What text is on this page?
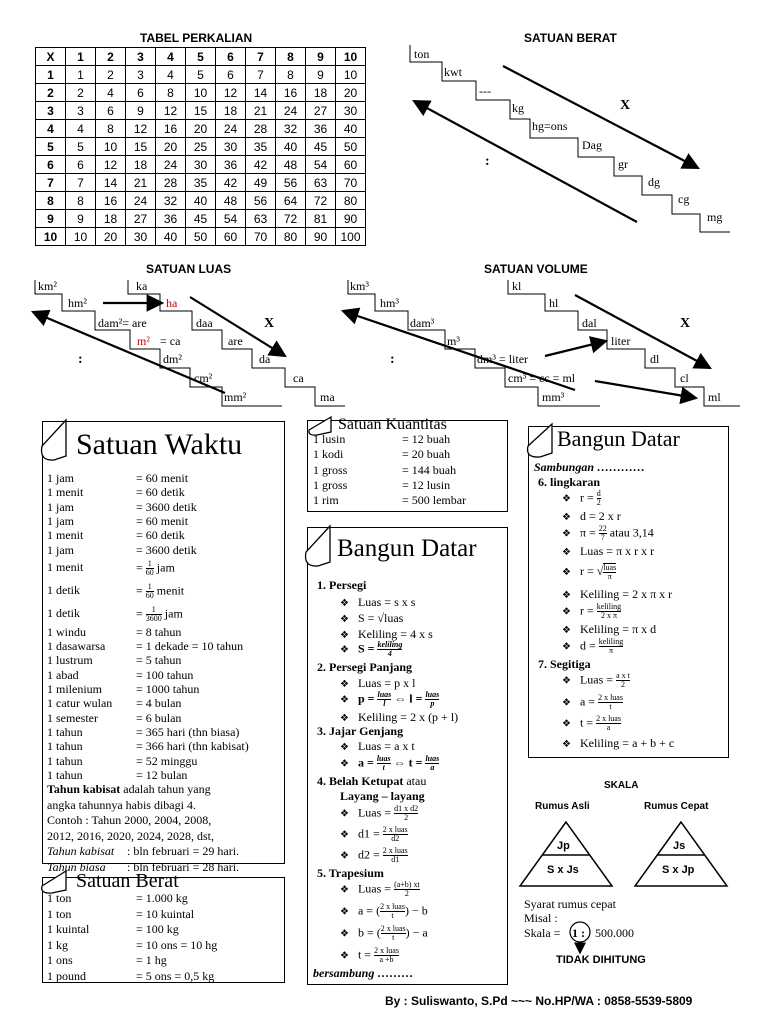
TABEL PERKALIAN
X	1	2	3	4	5	6	7	8	9	10
1	1	2	3	4	5	6	7	8	9	10
2	2	4	6	8	10	12	14	16	18	20
3	3	6	9	12	15	18	21	24	27	30
4	4	8	12	16	20	24	28	32	36	40
5	5	10	15	20	25	30	35	40	45	50
6	6	12	18	24	30	36	42	48	54	60
7	7	14	21	28	35	42	49	56	63	70
8	8	16	24	32	40	48	56	64	72	80
9	9	18	27	36	45	54	63	72	81	90
10	10	20	30	40	50	60	70	80	90	100
SATUAN BERAT
ton
kwt
---
kg
hg=ons
Dag
gr
dg
cg
mg
X
:
SATUAN LUAS
km²
hm²
dam²= are
m²
dm²
cm²
mm²
ka
ha
daa
are
da
ca
ma
= ca
X
:
SATUAN VOLUME
km³
hm³
dam³
m³
dm³ = liter
cm³ = cc = ml
mm³
kl
hl
dal
liter
dl
cl
ml
X
:
Satuan Waktu
1 jam	= 60 menit
1 menit	= 60 detik
1 jam	= 3600 detik
1 jam	= 60 menit
1 menit	= 60 detik
1 jam	= 3600 detik
1 menit	= $\frac{1}{60}$ jam
1 detik	= $\frac{1}{60}$ menit
1 detik	= $\frac{1}{3600}$ jam
1 windu	= 8 tahun
1 dasawarsa	= 1 dekade = 10 tahun
1 lustrum	= 5 tahun
1 abad	= 100 tahun
1 milenium	= 1000 tahun
1 catur wulan = 4 bulan
1 semester	= 6 bulan
1 tahun	= 365 hari (thn biasa)
1 tahun	= 366 hari (thn kabisat)
1 tahun	= 52 minggu
1 tahun	= 12 bulan
Tahun kabisat adalah tahun yang
angka tahunnya habis dibagi 4.
Contoh : Tahun 2000, 2004, 2008,
2012, 2016, 2020, 2024, 2028, dst,
Tahun kabisat : bln februari = 29 hari.
Tahun biasa : bln februari = 28 hari.
Satuan Berat
1 ton	= 1.000 kg
1 ton	= 10 kuintal
1 kuintal	= 100 kg
1 kg	= 10 ons = 10 hg
1 ons	= 1 hg
1 pound	= 5 ons = 0,5 kg
Satuan Kuantitas
1 lusin	= 12 buah
1 kodi	= 20 buah
1 gross	= 144 buah
1 gross	= 12 lusin
1 rim	= 500 lembar
Bangun Datar
1. Persegi
❖ Luas = s x s
❖ S = √luas
❖ Keliling = 4 x s
❖ $S = \frac{\text{keliling}}{4}$
2. Persegi Panjang
❖ Luas = p x l
❖ $p = \frac{\text{luas}}{l}$ ⇔ $l = \frac{\text{luas}}{p}$
❖ Keliling = 2 x (p + l)
3. Jajar Genjang
❖ Luas = a x t
❖ $a = \frac{\text{luas}}{t}$ ⇔ $t = \frac{\text{luas}}{a}$
4. Belah Ketupat atau
Layang – layang
❖ Luas = $\frac{\text{d1 x d2}}{2}$
❖ $d1 = \frac{\text{2 x luas}}{d2}$
❖ $d2 = \frac{\text{2 x luas}}{d1}$
5. Trapesium
❖ Luas = $\frac{(a+b) xt}{2}$
❖ a = ( $\frac{\text{2 x luas}}{t}$ ) − b
❖ b = ( $\frac{\text{2 x luas}}{t}$ ) − a
❖ $t = \frac{\text{2 x luas}}{a +b}$
bersambung ………
Bangun Datar
Sambungan …………
6. lingkaran
❖ $r = \frac{d}{2}$
❖ d = 2 x r
❖ $\pi = \frac{22}{7}$ atau 3,14
❖ Luas = π x r x r
❖ r = √ $\frac{\text{luas}}{\pi}$
❖ Keliling = 2 x π x r
❖ $r = \frac{\text{keliling}}{\text{2 x π}}$
❖ Keliling = π x d
❖ $d = \frac{\text{keliling}}{\pi}$
7. Segitiga
❖ Luas = $\frac{\text{a x t}}{2}$
❖ $a = \frac{\text{2 x luas}}{t}$
❖ $t = \frac{\text{2 x luas}}{a}$
❖ Keliling = a + b + c
SKALA
Rumus Asli	Rumus Cepat
Jp
S x Js
Js
S x Jp
Syarat rumus cepat
Misal :
Skala = 1 : 500.000
TIDAK DIHITUNG
By : Suliswanto, S.Pd ~~~ No.HP/WA : 0858-5539-5809
